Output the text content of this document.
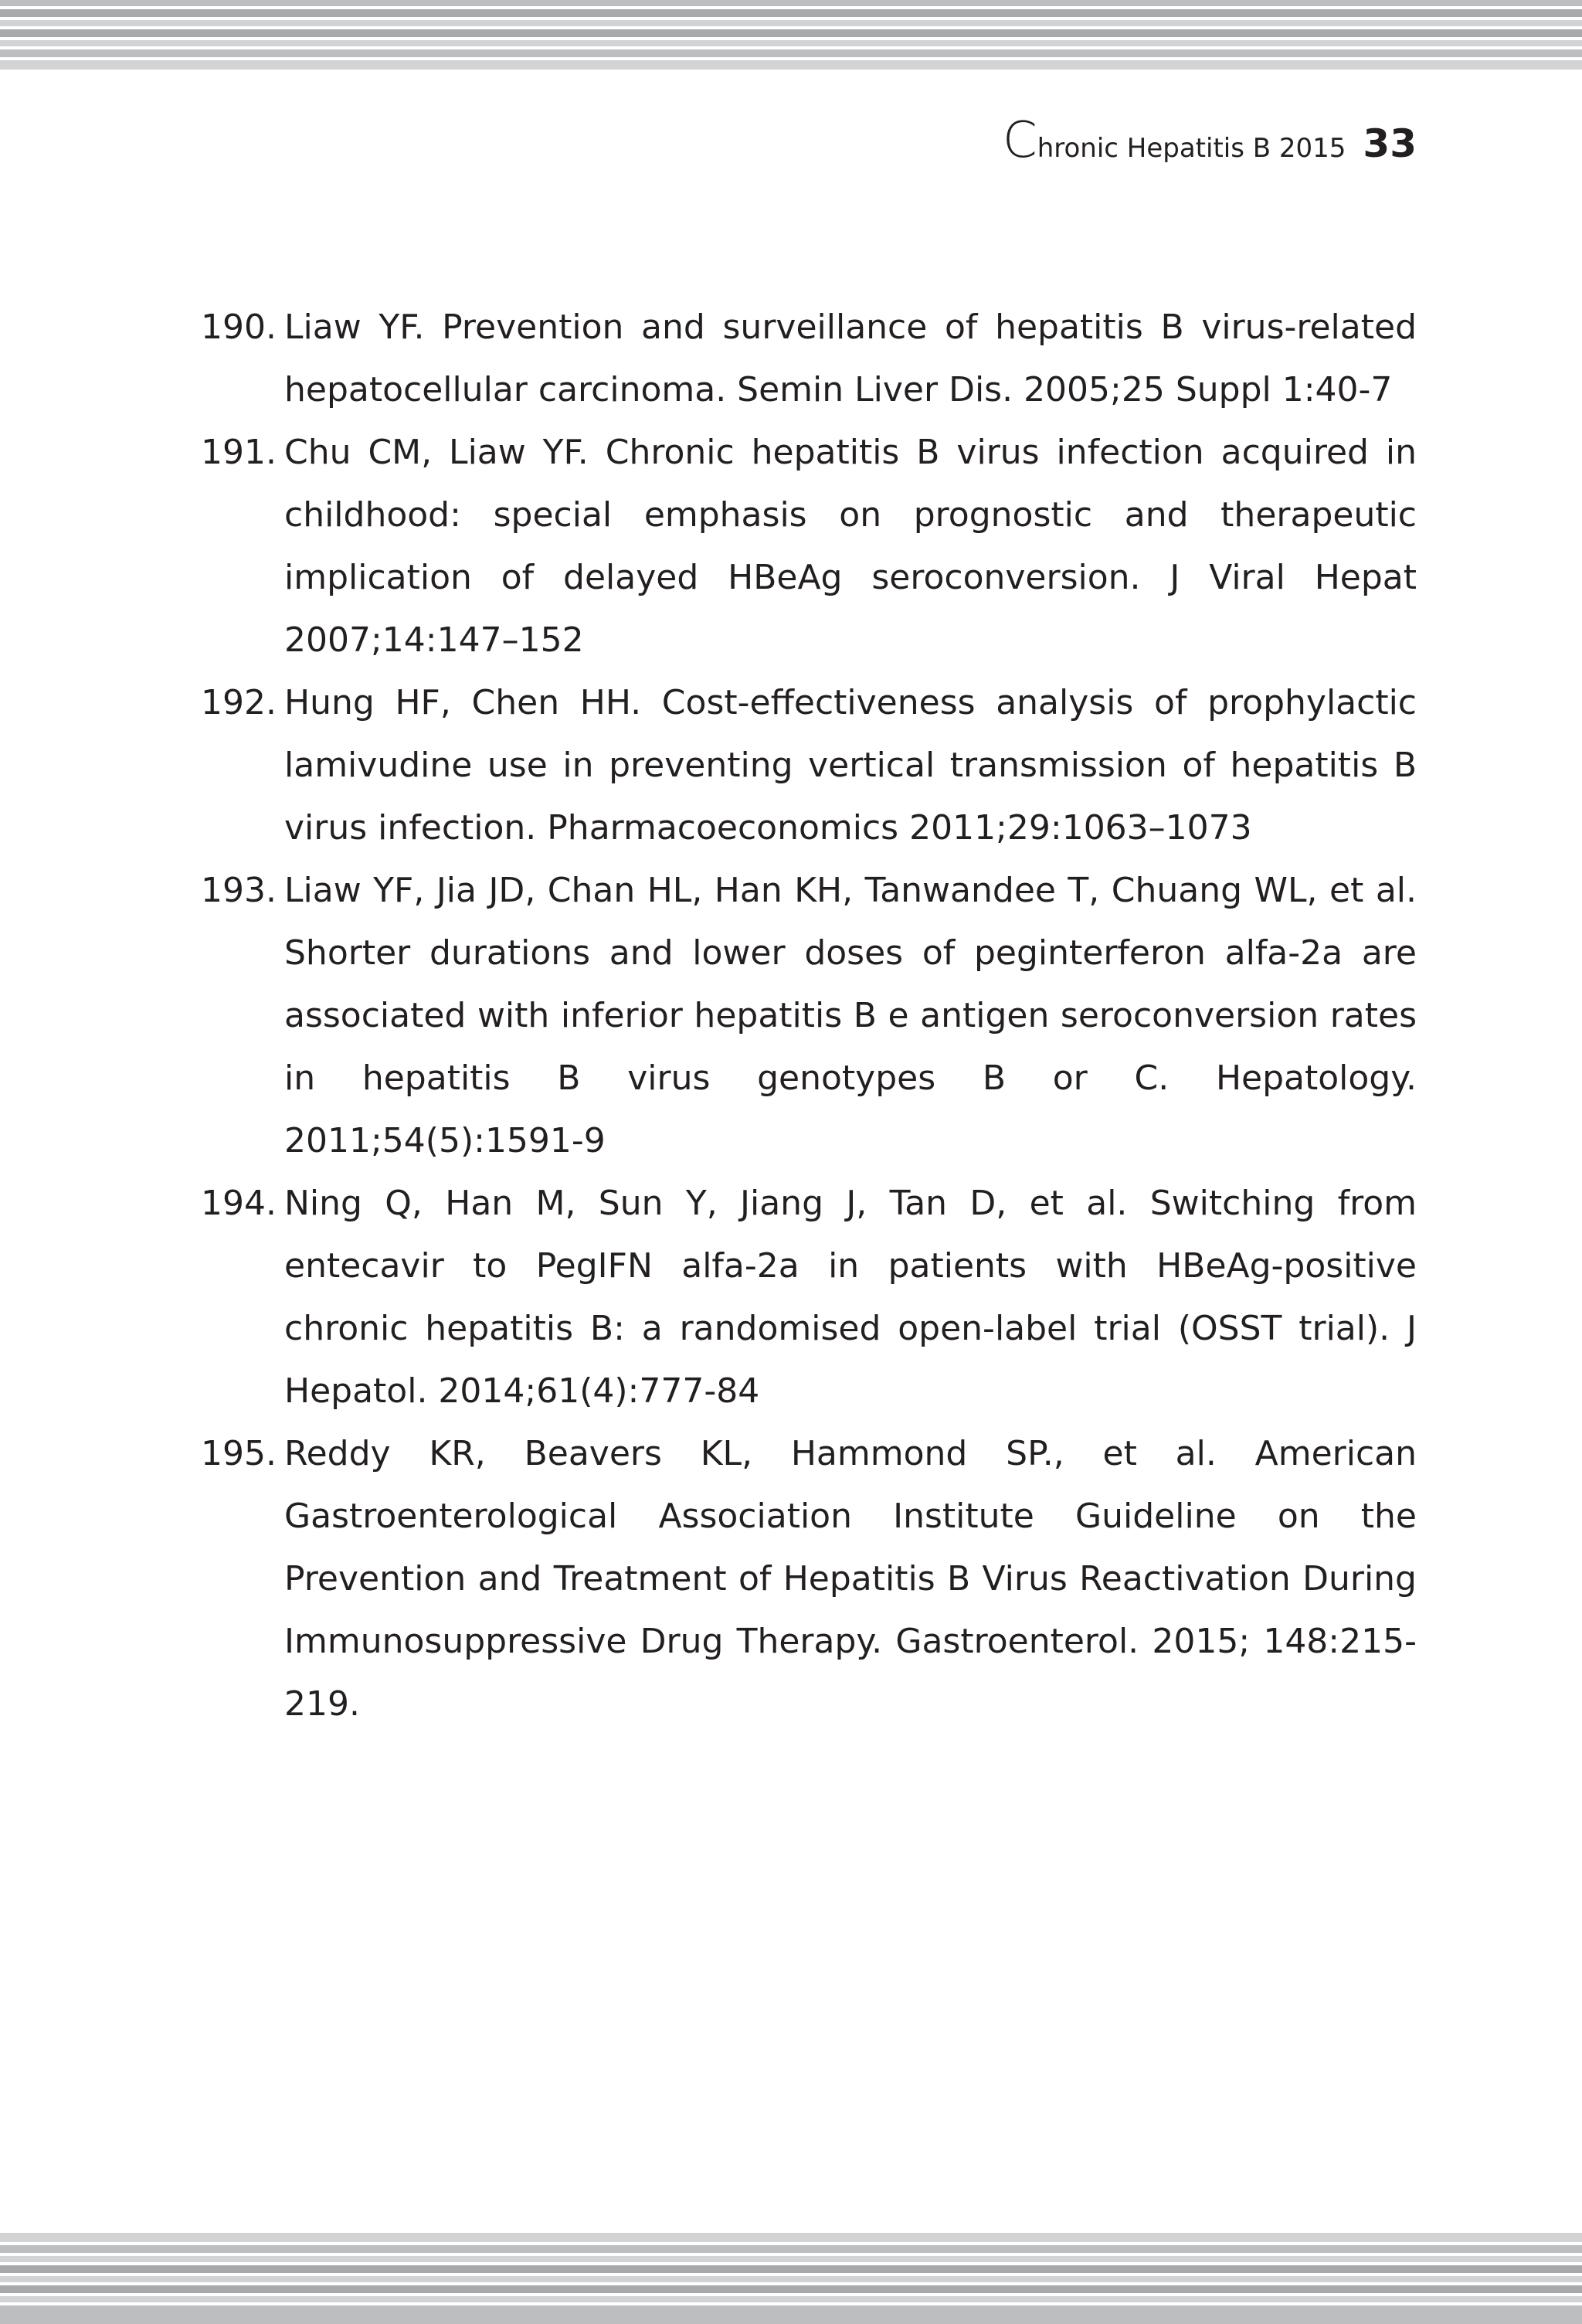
C hronic Hepatitis B 2015 33
190. Liaw YF. Prevention and surveillance of hepatitis B virus-related hepatocellular carcinoma. Semin Liver Dis. 2005;25 Suppl 1:40-7
191. Chu CM, Liaw YF. Chronic hepatitis B virus infection acquired in childhood: special emphasis on prognostic and therapeutic implication of delayed HBeAg seroconversion. J Viral Hepat 2007;14:147–152
192. Hung HF, Chen HH. Cost-effectiveness analysis of prophylactic lamivudine use in preventing vertical transmission of hepatitis B virus infection. Pharmacoeconomics 2011;29:1063–1073
193. Liaw YF, Jia JD, Chan HL, Han KH, Tanwandee T, Chuang WL, et al. Shorter durations and lower doses of peginterferon alfa-2a are associated with inferior hepatitis B e antigen seroconversion rates in hepatitis B virus genotypes B or C. Hepatology. 2011;54(5):1591-9
194. Ning Q, Han M, Sun Y, Jiang J, Tan D, et al. Switching from entecavir to PegIFN alfa-2a in patients with HBeAg-positive chronic hepatitis B: a randomised open-label trial (OSST trial). J Hepatol. 2014;61(4):777-84
195. Reddy KR, Beavers KL, Hammond SP., et al. American Gastroenterological Association Institute Guideline on the Prevention and Treatment of Hepatitis B Virus Reactivation During Immunosuppressive Drug Therapy. Gastroenterol. 2015; 148:215-219.
